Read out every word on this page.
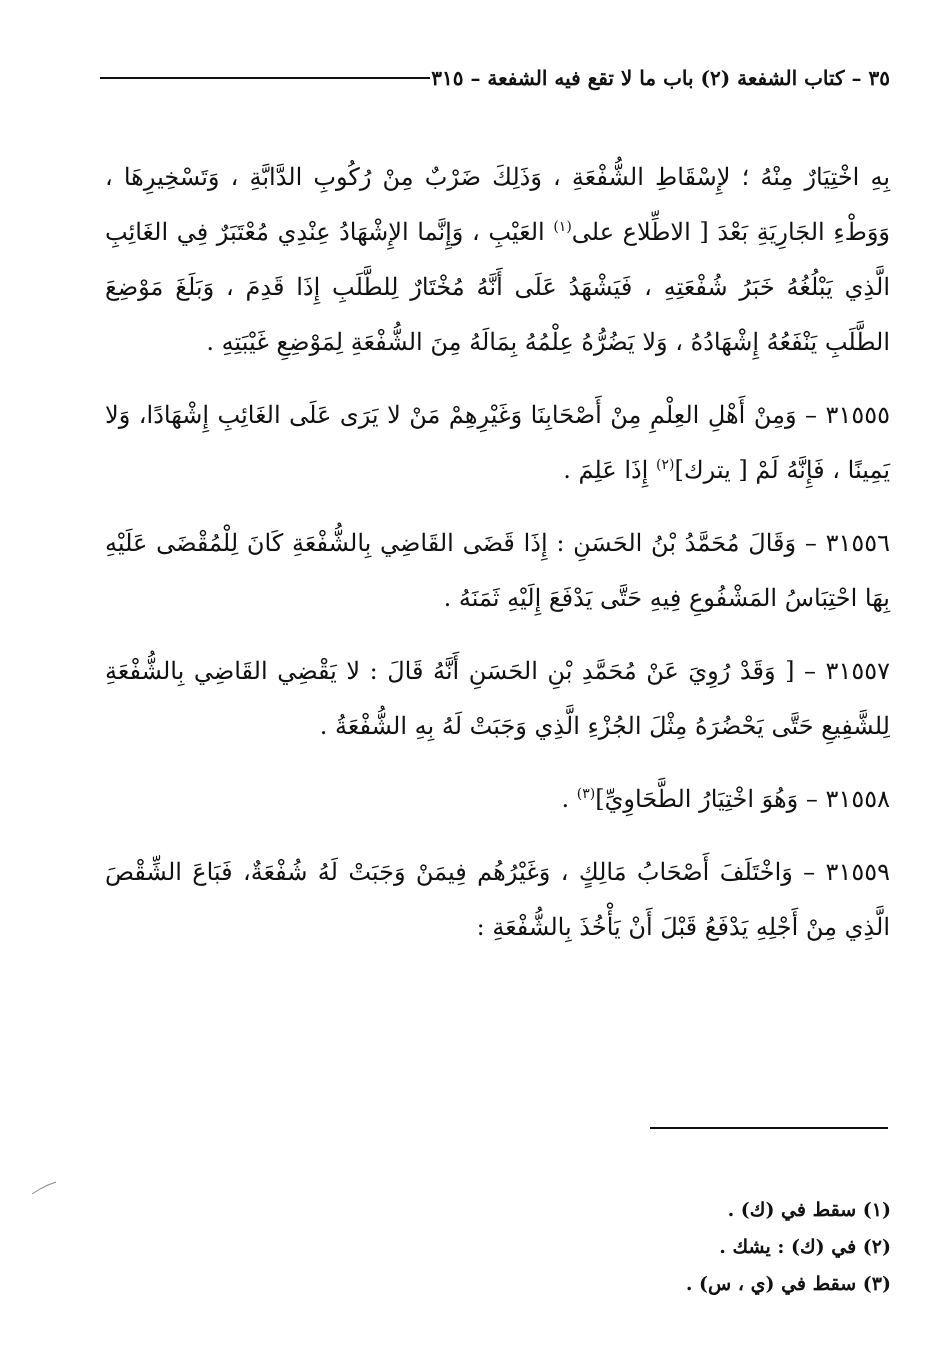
٣٥ – كتاب الشفعة (٢) باب ما لا تقع فيه الشفعة – ٣١٥

بِهِ اخْتِيَارٌ مِنْهُ ؛ لإِسْقَاطِ الشُّفْعَةِ ، وَذَلِكَ ضَرْبٌ مِنْ رُكُوبِ الدَّابَّةِ ، وَتَسْخِيرِهَا ، وَوَطْءِ الجَارِيَةِ بَعْدَ [ الاطِّلاع على$^{(١)}$ العَيْبِ ، وَإِنَّما الإِشْهَادُ عِنْدِي مُعْتَبَرٌ فِي الغَائِبِ الَّذِي يَبْلُغُهُ خَبَرُ شُفْعَتِهِ ، فَيَشْهَدُ عَلَى أَنَّهُ مُخْتَارٌ لِلطَّلَبِ إِذَا قَدِمَ ، وَبَلَغَ مَوْضِعَ الطَّلَبِ يَنْفَعُهُ إِشْهَادُهُ ، وَلا يَضُرُّهُ عِلْمُهُ بِمَالَهُ مِنَ الشُّفْعَةِ لِمَوْضِعِ غَيْبَتِهِ .

٣١٥٥٥ – وَمِنْ أَهْلِ العِلْمِ مِنْ أَصْحَابِنَا وَغَيْرِهِمْ مَنْ لا يَرَى عَلَى الغَائِبِ إِشْهَادًا، وَلا يَمِينًا ، فَإِنَّهُ لَمْ [ يترك]$^{(٢)}$ إِذَا عَلِمَ .

٣١٥٥٦ – وَقَالَ مُحَمَّدُ بْنُ الحَسَنِ : إِذَا قَضَى القَاضِي بِالشُّفْعَةِ كَانَ لِلْمُقْضَى عَلَيْهِ بِهَا احْتِبَاسُ المَشْفُوعِ فِيهِ حَتَّى يَدْفَعَ إِلَيْهِ ثَمَنَهُ .

٣١٥٥٧ – [ وَقَدْ رُوِيَ عَنْ مُحَمَّدِ بْنِ الحَسَنِ أَنَّهُ قَالَ : لا يَقْضِي القَاضِي بِالشُّفْعَةِ لِلشَّفِيعِ حَتَّى يَحْضُرَهُ مِثْلَ الجُزْءِ الَّذِي وَجَبَتْ لَهُ بِهِ الشُّفْعَةُ .

٣١٥٥٨ – وَهُوَ اخْتِيَارُ الطَّحَاوِيِّ]$^{(٣)}$ .

٣١٥٥٩ – وَاخْتَلَفَ أَصْحَابُ مَالِكٍ ، وَغَيْرُهُم فِيمَنْ وَجَبَتْ لَهُ شُفْعَةٌ، فَبَاعَ الشِّقْصَ الَّذِي مِنْ أَجْلِهِ يَدْفَعُ قَبْلَ أَنْ يَأْخُذَ بِالشُّفْعَةِ :

(١) سقط في (ك) .
(٢) في (ك) : يشك .
(٣) سقط في (ي ، س) .
